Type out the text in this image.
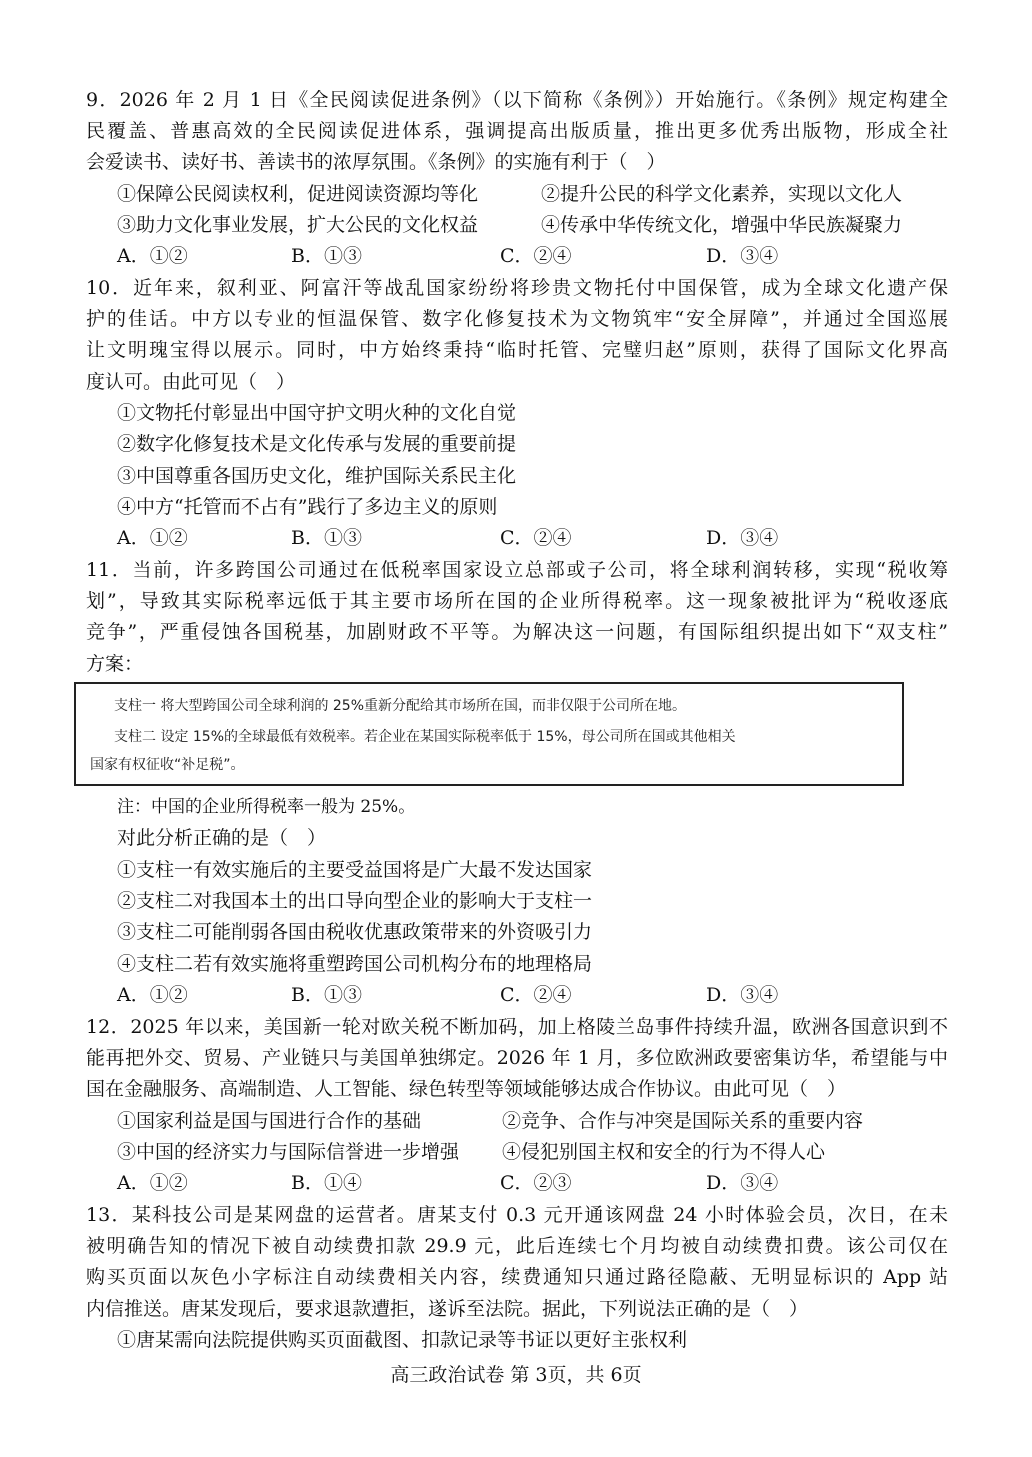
9．2026 年 2 月 1 日《全民阅读促进条例》（以下简称《条例》）开始施行。《条例》规定构建全
民覆盖、普惠高效的全民阅读促进体系，强调提高出版质量，推出更多优秀出版物，形成全社
会爱读书、读好书、善读书的浓厚氛围。《条例》的实施有利于（　）
①保障公民阅读权利，促进阅读资源均等化	②提升公民的科学文化素养，实现以文化人
③助力文化事业发展，扩大公民的文化权益	④传承中华传统文化，增强中华民族凝聚力
A．①②	B．①③	C．②④	D．③④
10．近年来，叙利亚、阿富汗等战乱国家纷纷将珍贵文物托付中国保管，成为全球文化遗产保
护的佳话。中方以专业的恒温保管、数字化修复技术为文物筑牢“安全屏障”，并通过全国巡展
让文明瑰宝得以展示。同时，中方始终秉持“临时托管、完璧归赵”原则，获得了国际文化界高
度认可。由此可见（　）
①文物托付彰显出中国守护文明火种的文化自觉
②数字化修复技术是文化传承与发展的重要前提
③中国尊重各国历史文化，维护国际关系民主化
④中方“托管而不占有”践行了多边主义的原则
A．①②	B．①③	C．②④	D．③④
11．当前，许多跨国公司通过在低税率国家设立总部或子公司，将全球利润转移，实现“税收筹
划”，导致其实际税率远低于其主要市场所在国的企业所得税率。这一现象被批评为“税收逐底
竞争”，严重侵蚀各国税基，加剧财政不平等。为解决这一问题，有国际组织提出如下“双支柱”
方案：
支柱一 将大型跨国公司全球利润的 25%重新分配给其市场所在国，而非仅限于公司所在地。
支柱二 设定 15%的全球最低有效税率。若企业在某国实际税率低于 15%，母公司所在国或其他相关
国家有权征收“补足税”。
注：中国的企业所得税率一般为 25%。
对此分析正确的是（　）
①支柱一有效实施后的主要受益国将是广大最不发达国家
②支柱二对我国本土的出口导向型企业的影响大于支柱一
③支柱二可能削弱各国由税收优惠政策带来的外资吸引力
④支柱二若有效实施将重塑跨国公司机构分布的地理格局
A．①②	B．①③	C．②④	D．③④
12．2025 年以来，美国新一轮对欧关税不断加码，加上格陵兰岛事件持续升温，欧洲各国意识到不
能再把外交、贸易、产业链只与美国单独绑定。2026 年 1 月，多位欧洲政要密集访华，希望能与中
国在金融服务、高端制造、人工智能、绿色转型等领域能够达成合作协议。由此可见（　）
①国家利益是国与国进行合作的基础	②竞争、合作与冲突是国际关系的重要内容
③中国的经济实力与国际信誉进一步增强 ④侵犯别国主权和安全的行为不得人心
A．①②	B．①④	C．②③	D．③④
13．某科技公司是某网盘的运营者。唐某支付 0.3 元开通该网盘 24 小时体验会员，次日，在未
被明确告知的情况下被自动续费扣款 29.9 元，此后连续七个月均被自动续费扣费。该公司仅在
购买页面以灰色小字标注自动续费相关内容，续费通知只通过路径隐蔽、无明显标识的 App 站
内信推送。唐某发现后，要求退款遭拒，遂诉至法院。据此，下列说法正确的是（　）
①唐某需向法院提供购买页面截图、扣款记录等书证以更好主张权利
高三政治试卷 第 3页，共 6页
